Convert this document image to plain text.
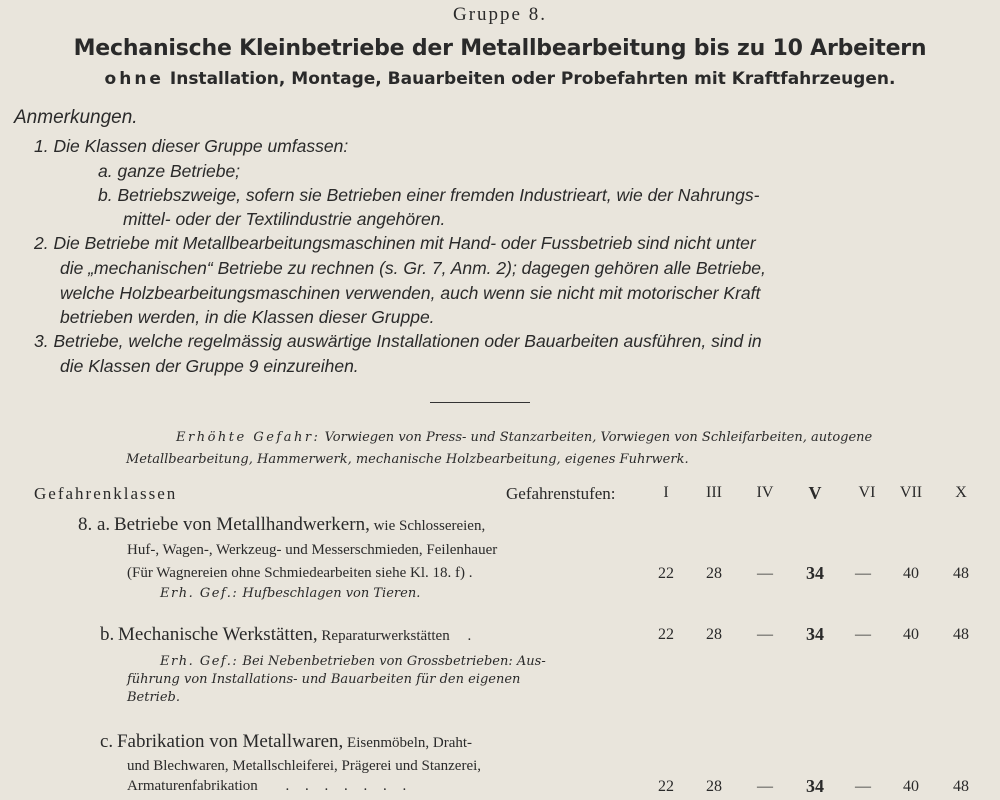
Gruppe 8.
Mechanische Kleinbetriebe der Metallbearbeitung bis zu 10 Arbeitern
ohne Installation, Montage, Bauarbeiten oder Probefahrten mit Kraftfahrzeugen.
Anmerkungen.
1. Die Klassen dieser Gruppe umfassen:
a. ganze Betriebe;
b. Betriebszweige, sofern sie Betrieben einer fremden Industrieart, wie der Nahrungs-
mittel- oder der Textilindustrie angehören.
2. Die Betriebe mit Metallbearbeitungsmaschinen mit Hand- oder Fussbetrieb sind nicht unter
die „mechanischen“ Betriebe zu rechnen (s. Gr. 7, Anm. 2); dagegen gehören alle Betriebe,
welche Holzbearbeitungsmaschinen verwenden, auch wenn sie nicht mit motorischer Kraft
betrieben werden, in die Klassen dieser Gruppe.
3. Betriebe, welche regelmässig auswärtige Installationen oder Bauarbeiten ausführen, sind in
die Klassen der Gruppe 9 einzureihen.
Erhöhte Gefahr: Vorwiegen von Press- und Stanzarbeiten, Vorwiegen von Schleifarbeiten, autogene
Metallbearbeitung, Hammerwerk, mechanische Holzbearbeitung, eigenes Fuhrwerk.
Gefahrenklassen	Gefahrenstufen:	I	III	IV	V	VI	VII	X
8. a. Betriebe von Metallhandwerkern, wie Schlossereien,
Huf-, Wagen-, Werkzeug- und Messerschmieden, Feilenhauer
(Für Wagnereien ohne Schmiedearbeiten siehe Kl. 18. f) .
Erh. Gef.: Hufbeschlagen von Tieren.
22	28	—	34	—	40	48
b. Mechanische Werkstätten, Reparaturwerkstätten .
Erh. Gef.: Bei Nebenbetrieben von Grossbetrieben: Aus-
führung von Installations- und Bauarbeiten für den eigenen
Betrieb.
22	28	—	34	—	40	48
c. Fabrikation von Metallwaren, Eisenmöbeln, Draht-
und Blechwaren, Metallschleiferei, Prägerei und Stanzerei,
Armaturenfabrikation . . . . . . .	22	28	—	34	—	40	48
